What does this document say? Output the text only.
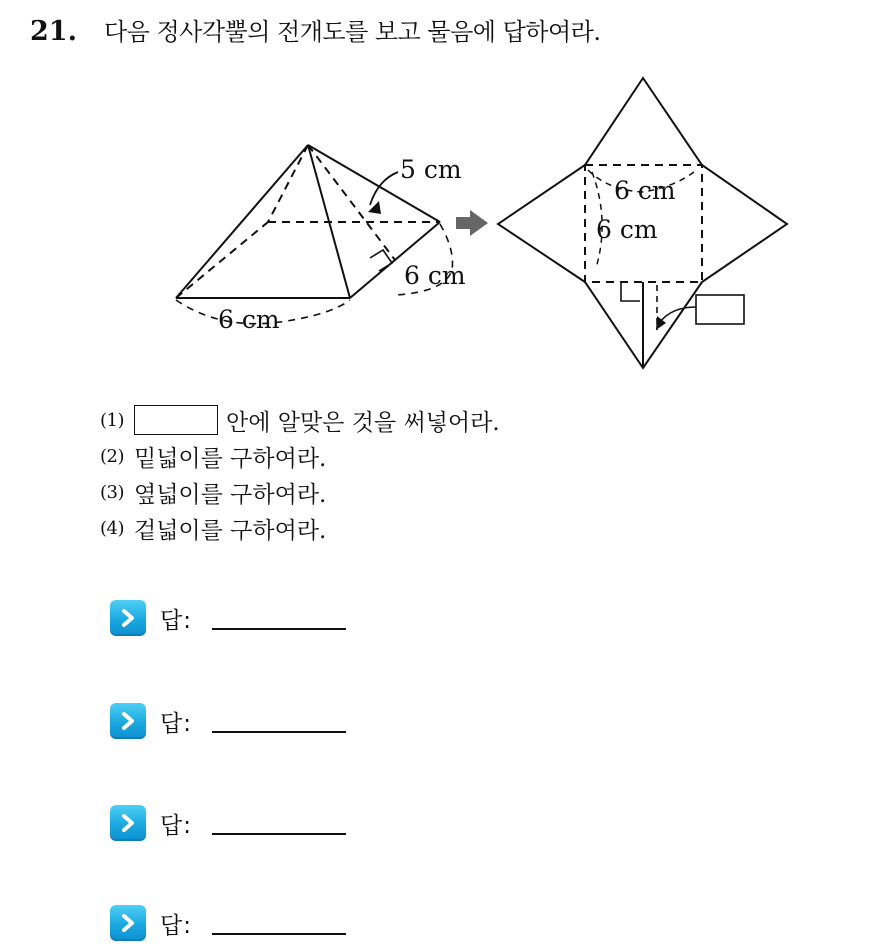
21.	다음 정사각뿔의 전개도를 보고 물음에 답하여라.
5 cm
6 cm
6 cm
6 cm
6 cm
(1)	안에 알맞은 것을 써넣어라.
(2) 밑넓이를 구하여라.
(3) 옆넓이를 구하여라.
(4) 겉넓이를 구하여라.
답:
답:
답:
답:
